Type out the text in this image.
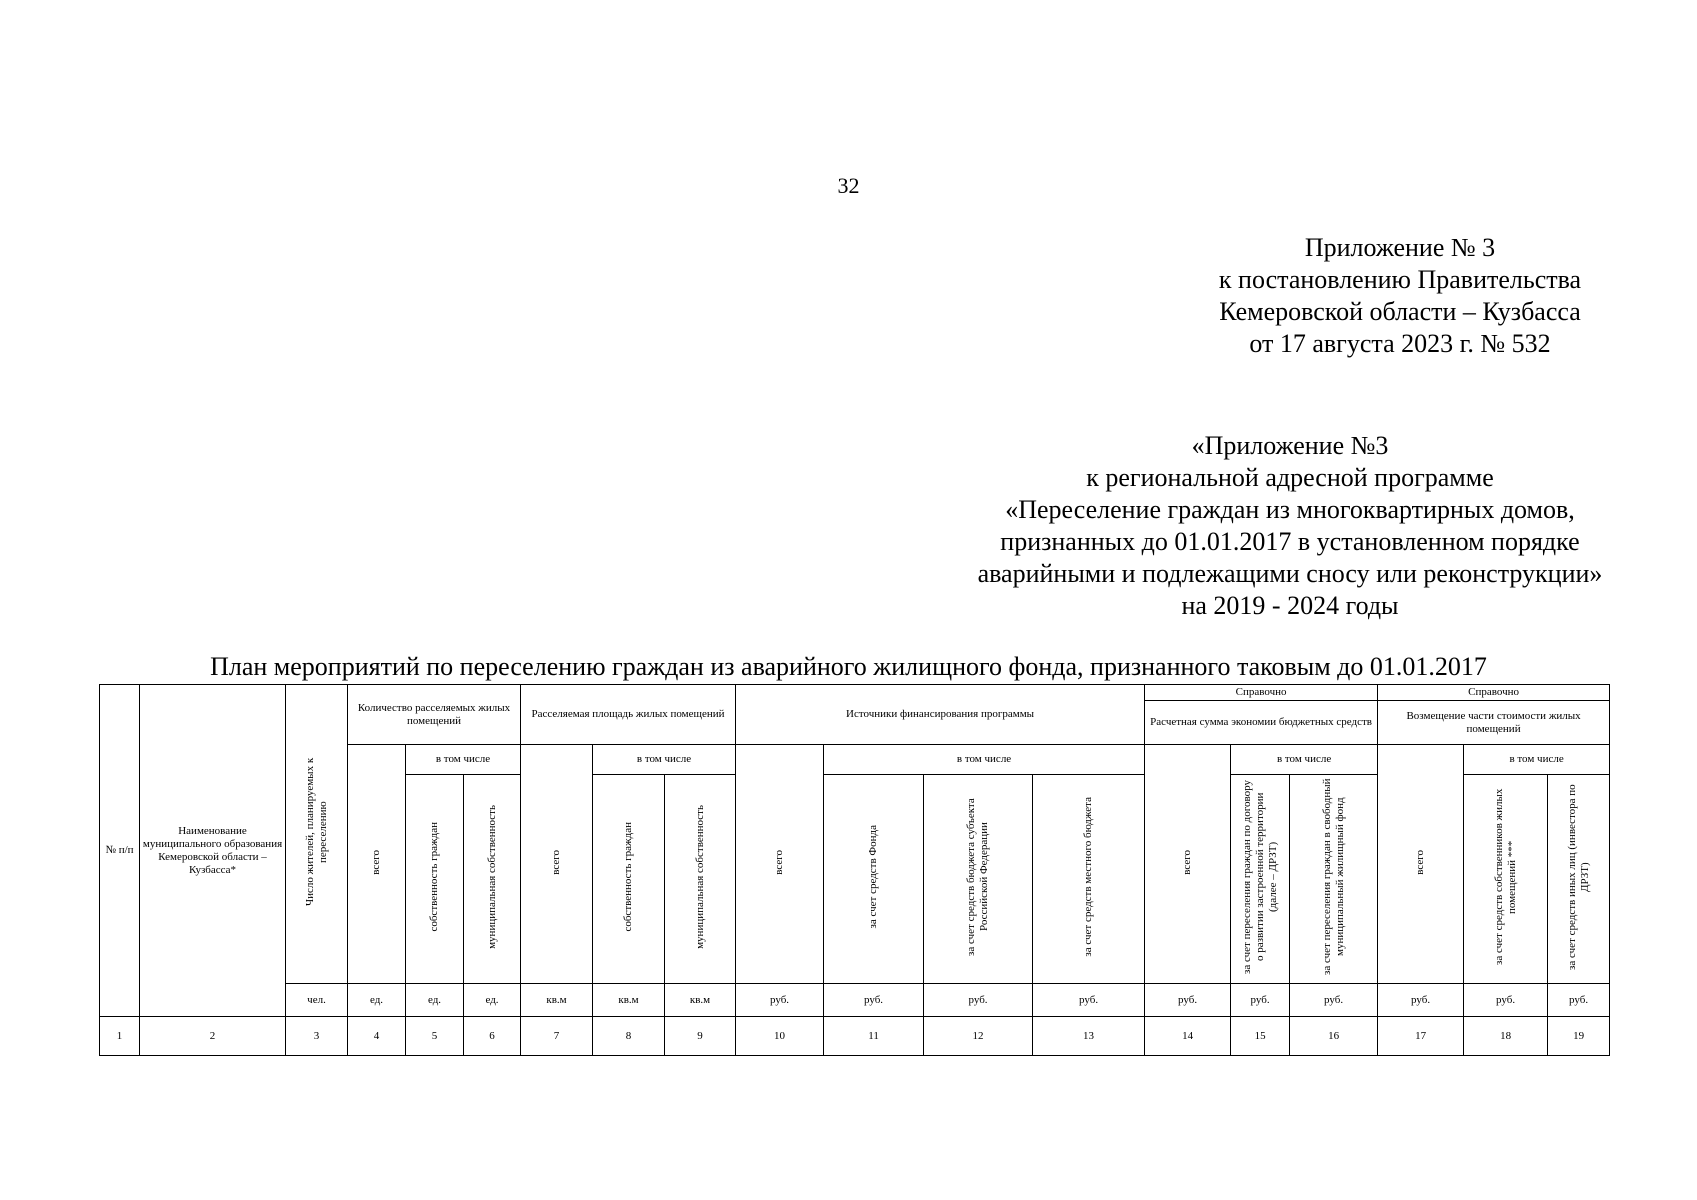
32
Приложение № 3
к постановлению Правительства
Кемеровской области – Кузбасса
от 17 августа 2023 г. № 532
«Приложение №3
к региональной адресной программе
«Переселение граждан из многоквартирных домов,
признанных до 01.01.2017 в установленном порядке
аварийными и подлежащими сносу или реконструкции»
на 2019 - 2024 годы
План мероприятий по переселению граждан из аварийного жилищного фонда, признанного таковым до 01.01.2017
№ п/п	Наименование муниципального образования Кемеровской области – Кузбасса*	Число жителей, планируемых к переселению	Количество расселяемых жилых помещений			Расселяемая площадь жилых помещений			Источники финансирования программы				Справочно			Справочно		
													Расчетная сумма экономии бюджетных средств			Возмещение части стоимости жилых помещений		
			всего	в том числе		всего	в том числе		всего	в том числе			всего	в том числе		всего	в том числе	
				собственность граждан	муниципальная собственность		собственность граждан	муниципальная собственность		за счет средств Фонда	за счет средств бюджета субъекта Российской Федерации	за счет средств местного бюджета		за счет переселения граждан по договору о развитии застроенной территории (далее – ДРЗТ)	за счет переселения граждан в свободный муниципальный жилищный фонд		за счет средств собственников жилых помещений ***	за счет средств иных лиц (инвестора по ДРЗТ)
		чел.	ед.	ед.	ед.	кв.м	кв.м	кв.м	руб.	руб.	руб.	руб.	руб.	руб.	руб.	руб.	руб.	руб.
1	2	3	4	5	6	7	8	9	10	11	12	13	14	15	16	17	18	19
